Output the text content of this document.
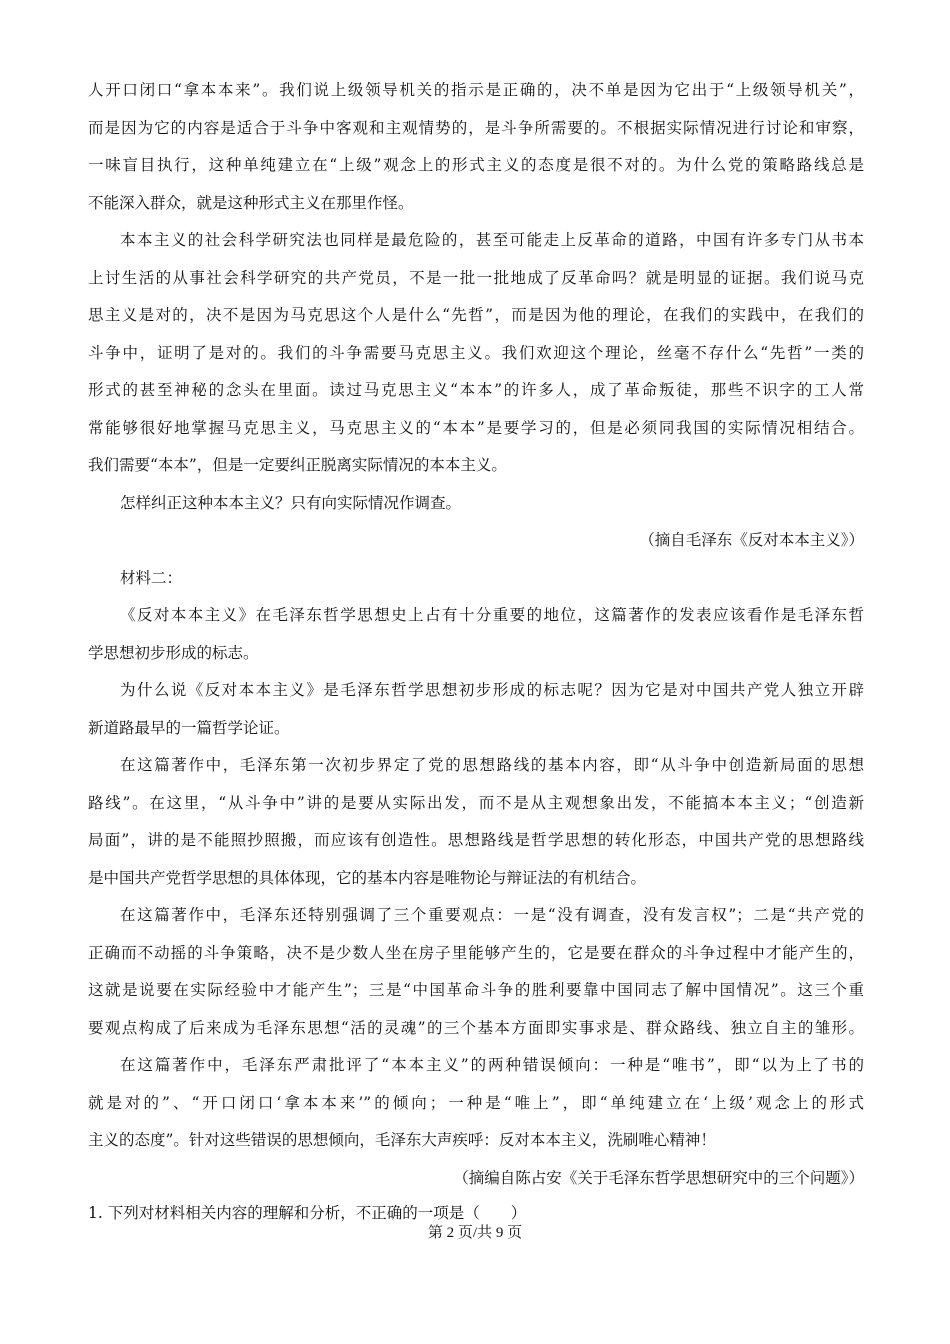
人开口闭口“拿本本来”。我们说上级领导机关的指示是正确的，决不单是因为它出于“上级领导机关”，
而是因为它的内容是适合于斗争中客观和主观情势的，是斗争所需要的。不根据实际情况进行讨论和审察，
一味盲目执行，这种单纯建立在“上级”观念上的形式主义的态度是很不对的。为什么党的策略路线总是
不能深入群众，就是这种形式主义在那里作怪。
本本主义的社会科学研究法也同样是最危险的，甚至可能走上反革命的道路，中国有许多专门从书本
上讨生活的从事社会科学研究的共产党员，不是一批一批地成了反革命吗？就是明显的证据。我们说马克
思主义是对的，决不是因为马克思这个人是什么“先哲”，而是因为他的理论，在我们的实践中，在我们的
斗争中，证明了是对的。我们的斗争需要马克思主义。我们欢迎这个理论，丝毫不存什么“先哲”一类的
形式的甚至神秘的念头在里面。读过马克思主义“本本”的许多人，成了革命叛徒，那些不识字的工人常
常能够很好地掌握马克思主义，马克思主义的“本本”是要学习的，但是必须同我国的实际情况相结合。
我们需要“本本”，但是一定要纠正脱离实际情况的本本主义。
怎样纠正这种本本主义？只有向实际情况作调查。
（摘自毛泽东《反对本本主义》）
材料二：
《反对本本主义》在毛泽东哲学思想史上占有十分重要的地位，这篇著作的发表应该看作是毛泽东哲
学思想初步形成的标志。
为什么说《反对本本主义》是毛泽东哲学思想初步形成的标志呢？因为它是对中国共产党人独立开辟
新道路最早的一篇哲学论证。
在这篇著作中，毛泽东第一次初步界定了党的思想路线的基本内容，即“从斗争中创造新局面的思想
路线”。在这里，“从斗争中”讲的是要从实际出发，而不是从主观想象出发，不能搞本本主义；“创造新
局面”，讲的是不能照抄照搬，而应该有创造性。思想路线是哲学思想的转化形态，中国共产党的思想路线
是中国共产党哲学思想的具体体现，它的基本内容是唯物论与辩证法的有机结合。
在这篇著作中，毛泽东还特别强调了三个重要观点：一是“没有调查，没有发言权”；二是“共产党的
正确而不动摇的斗争策略，决不是少数人坐在房子里能够产生的，它是要在群众的斗争过程中才能产生的，
这就是说要在实际经验中才能产生”；三是“中国革命斗争的胜利要靠中国同志了解中国情况”。这三个重
要观点构成了后来成为毛泽东思想“活的灵魂”的三个基本方面即实事求是、群众路线、独立自主的雏形。
在这篇著作中，毛泽东严肃批评了“本本主义”的两种错误倾向：一种是“唯书”，即“以为上了书的
就是对的”、“开口闭口‘拿本本来’”的倾向；一种是“唯上”，即“单纯建立在‘上级’观念上的形式
主义的态度”。针对这些错误的思想倾向，毛泽东大声疾呼：反对本本主义，洗刷唯心精神！
（摘编自陈占安《关于毛泽东哲学思想研究中的三个问题》）
1. 下列对材料相关内容的理解和分析，不正确的一项是（　　）
第 2 页/共 9 页
